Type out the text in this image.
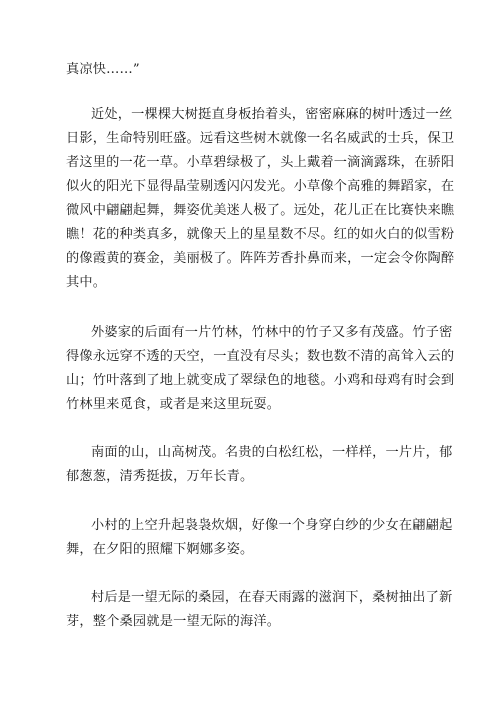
真凉快……”
近处，一棵棵大树挺直身板抬着头，密密麻麻的树叶透过一丝
日影，生命特别旺盛。远看这些树木就像一名名威武的士兵，保卫
者这里的一花一草。小草碧绿极了，头上戴着一滴滴露珠，在骄阳
似火的阳光下显得晶莹剔透闪闪发光。小草像个高雅的舞蹈家，在
微风中翩翩起舞，舞姿优美迷人极了。远处，花儿正在比赛快来瞧
瞧！花的种类真多，就像天上的星星数不尽。红的如火白的似雪粉
的像霞黄的赛金，美丽极了。阵阵芳香扑鼻而来，一定会令你陶醉
其中。
外婆家的后面有一片竹林，竹林中的竹子又多有茂盛。竹子密
得像永远穿不透的天空，一直没有尽头；数也数不清的高耸入云的
山；竹叶落到了地上就变成了翠绿色的地毯。小鸡和母鸡有时会到
竹林里来觅食，或者是来这里玩耍。
南面的山，山高树茂。名贵的白松红松，一样样，一片片，郁
郁葱葱，清秀挺拔，万年长青。
小村的上空升起袅袅炊烟，好像一个身穿白纱的少女在翩翩起
舞，在夕阳的照耀下婀娜多姿。
村后是一望无际的桑园，在春天雨露的滋润下，桑树抽出了新
芽，整个桑园就是一望无际的海洋。
